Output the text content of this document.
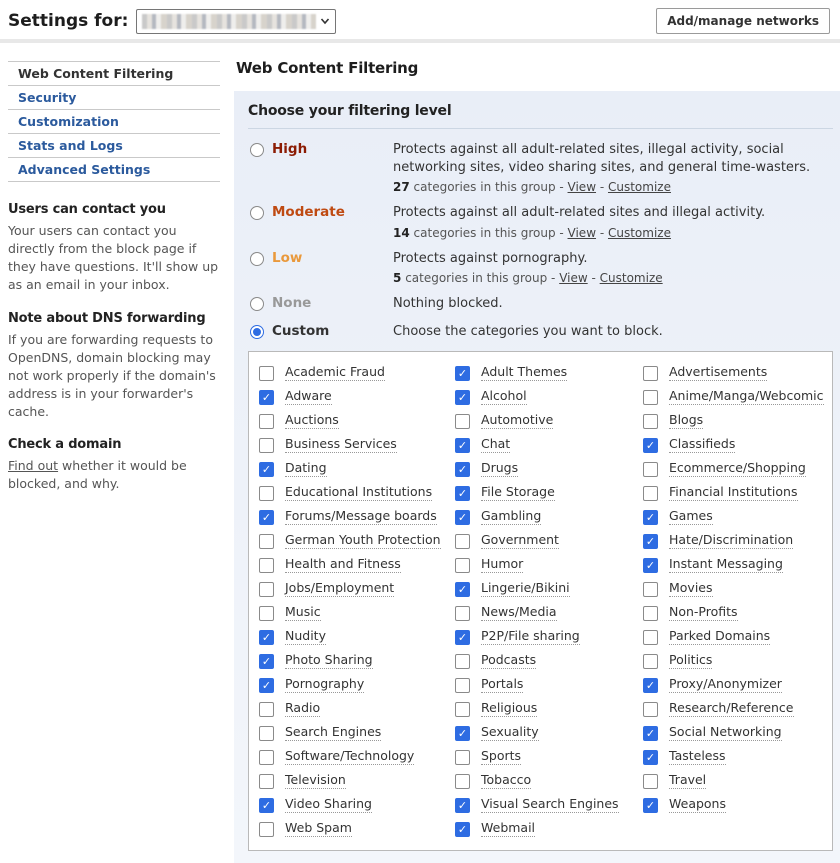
Settings for:	Add/manage networks
Web Content Filtering
Security
Customization
Stats and Logs
Advanced Settings
Users can contact you

Your users can contact you directly from the block page if they have questions. It'll show up as an email in your inbox.

Note about DNS forwarding

If you are forwarding requests to OpenDNS, domain blocking may not work properly if the domain's address is in your forwarder's cache.

Check a domain

Find out whether it would be blocked, and why.

Web Content Filtering
Choose your filtering level
High	Protects against all adult-related sites, illegal activity, social networking sites, video sharing sites, and general time-wasters.
27 categories in this group - View - Customize
Moderate	Protects against all adult-related sites and illegal activity.
14 categories in this group - View - Customize
Low	Protects against pornography.
5 categories in this group - View - Customize
None	Nothing blocked.
Custom	Choose the categories you want to block.
Academic Fraud	✓ Adult Themes	Advertisements
✓ Adware	✓ Alcohol	Anime/Manga/Webcomic
Auctions	Automotive	Blogs
Business Services	✓ Chat	✓ Classifieds
✓ Dating	✓ Drugs	Ecommerce/Shopping
Educational Institutions ✓ File Storage	Financial Institutions
✓ Forums/Message boards ✓ Gambling	✓ Games
German Youth Protection	Government	✓ Hate/Discrimination
Health and Fitness	Humor	✓ Instant Messaging
Jobs/Employment	✓ Lingerie/Bikini	Movies
Music	News/Media	Non-Profits
✓ Nudity	✓ P2P/File sharing	Parked Domains
✓ Photo Sharing	Podcasts	Politics
✓ Pornography	Portals	✓ Proxy/Anonymizer
Radio	Religious	Research/Reference
Search Engines	✓ Sexuality	✓ Social Networking
Software/Technology	Sports	✓ Tasteless
Television	Tobacco	Travel
✓ Video Sharing	✓ Visual Search Engines ✓ Weapons
Web Spam	✓ Webmail
